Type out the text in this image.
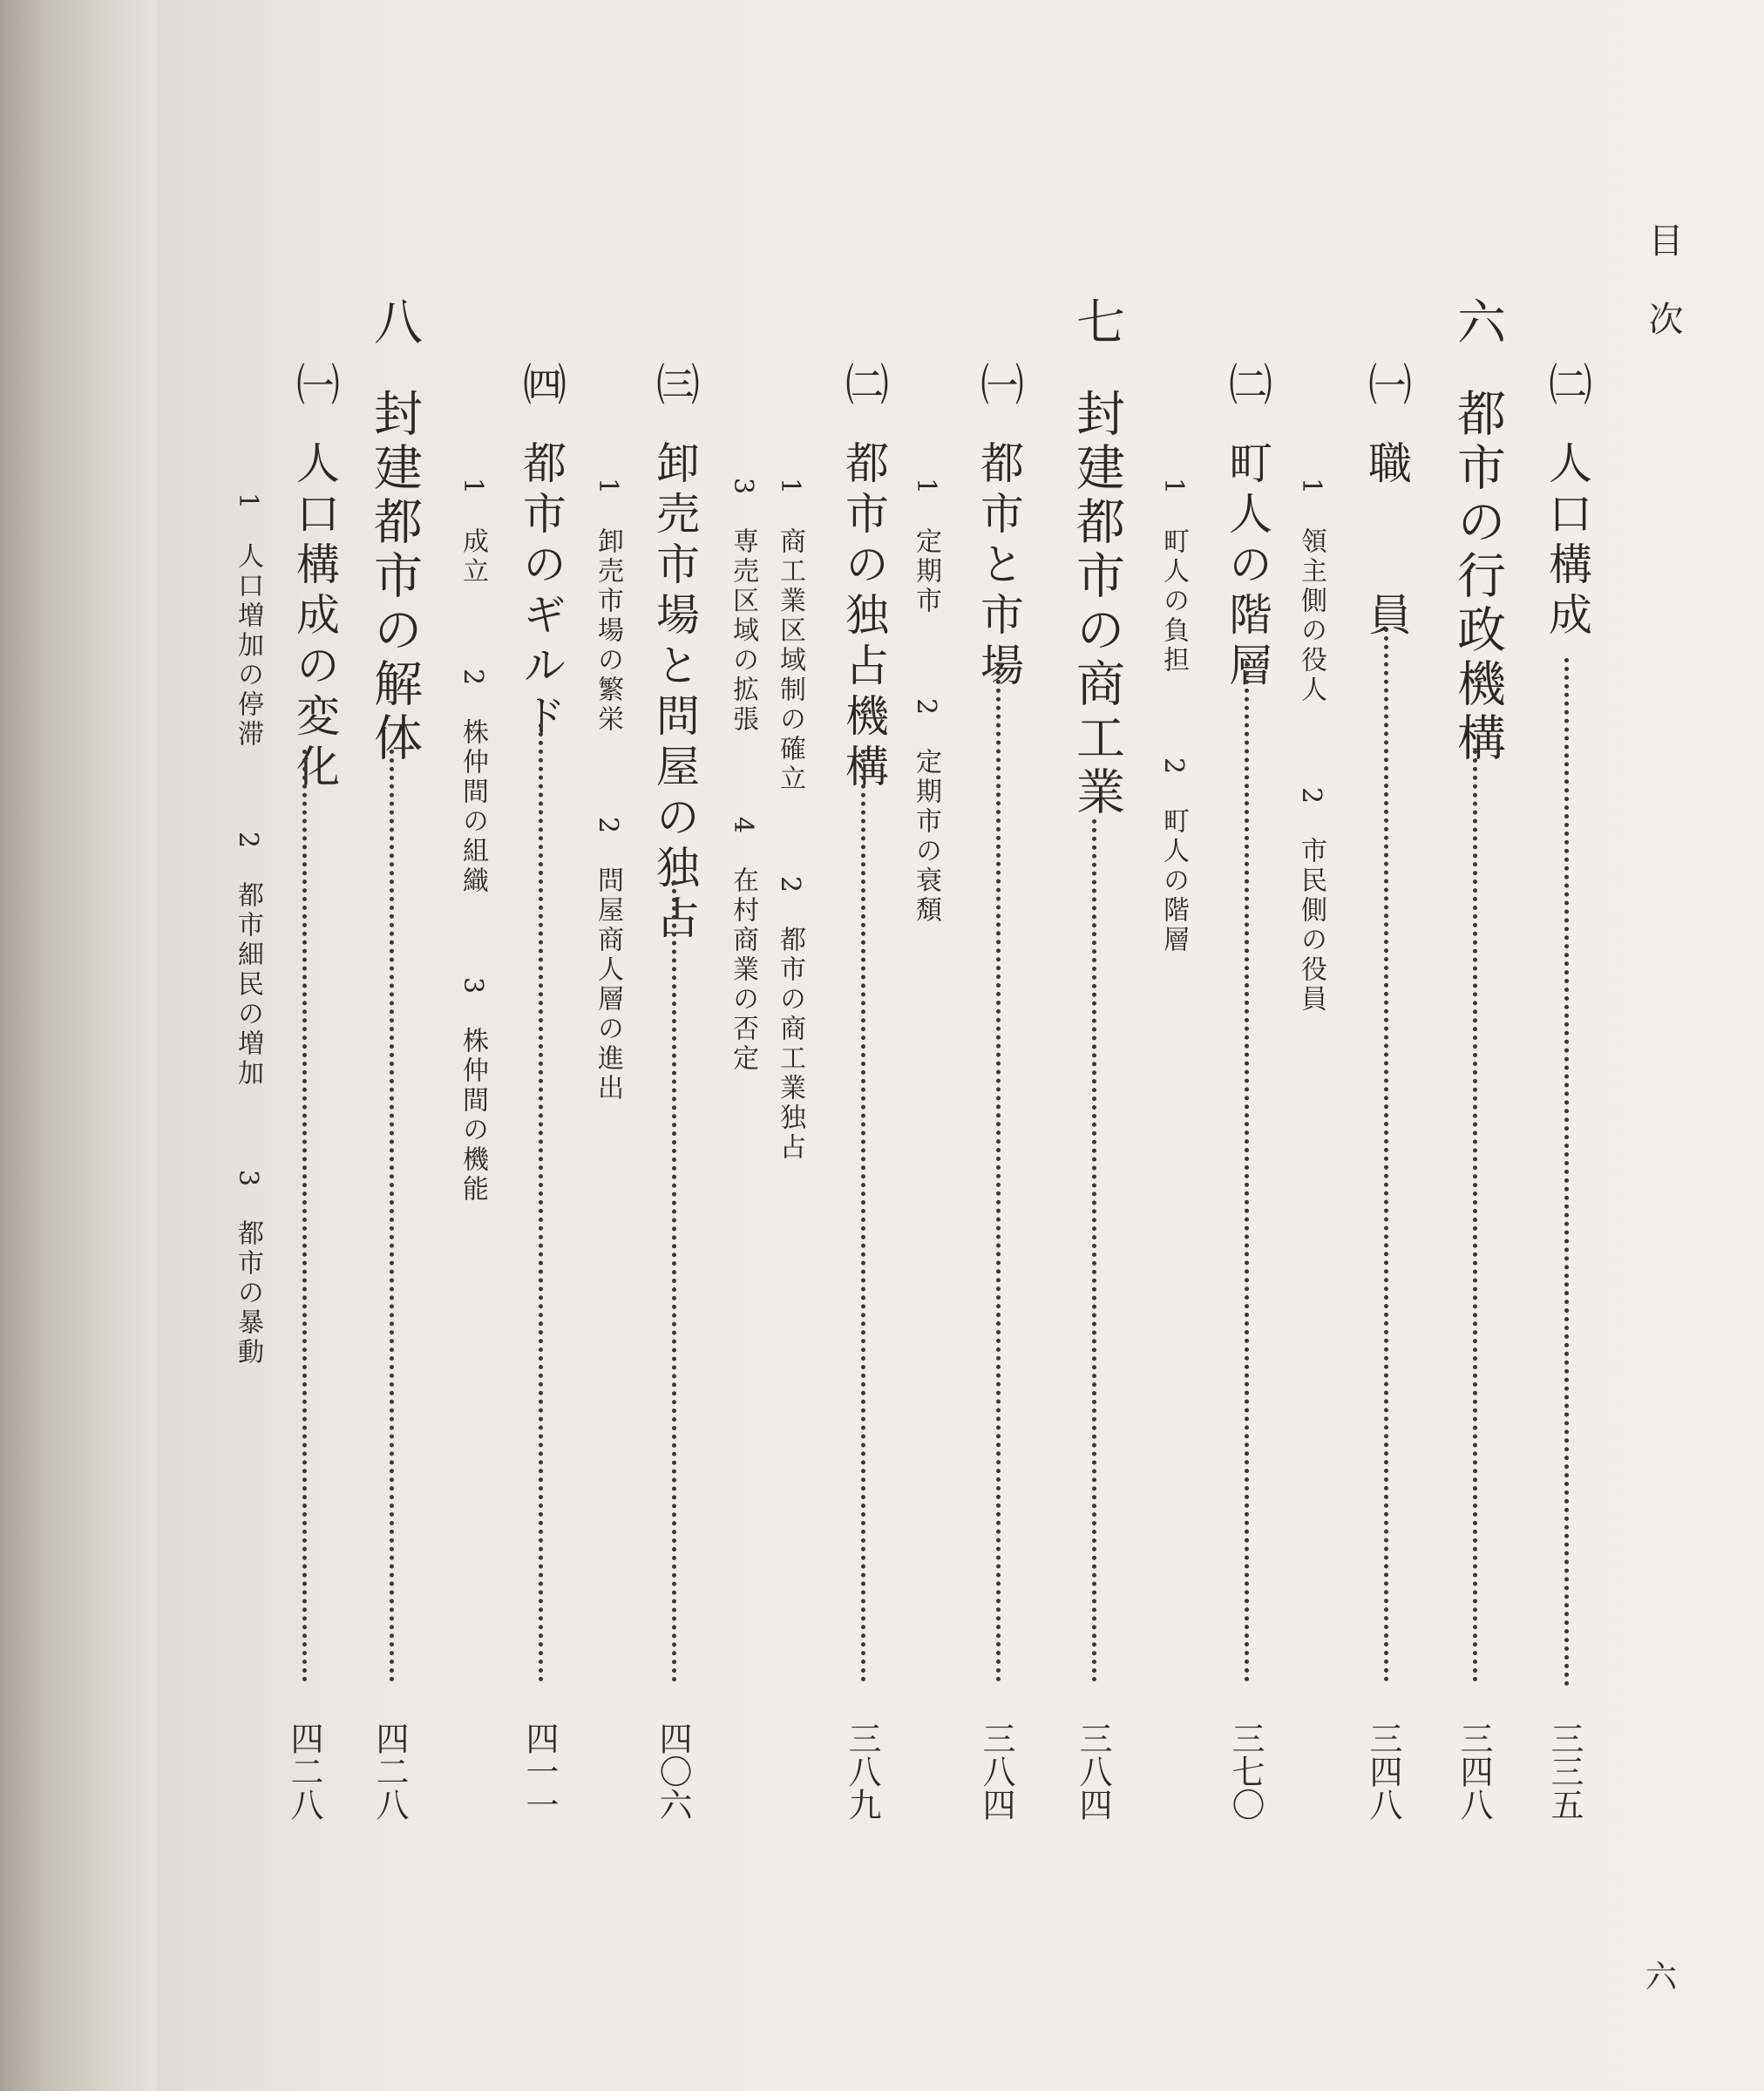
目次
㈡
人口構成
三三五
六
都市の行政機構
三四八
㈠
職　　員
三四八
1　領主側の役人 2　市民側の役員
㈡
町人の階層
三七〇
1　町人の負担 2　町人の階層
七
封建都市の商工業
三八四
㈠
都市と市場
三八四
1　定期市 2　定期市の衰頽
㈡
都市の独占機構
三八九
1　商工業区域制の確立 2　都市の商工業独占
3　専売区域の拡張 4　在村商業の否定
㈢
卸売市場と問屋の独占
四〇六
1　卸売市場の繁栄 2　問屋商人層の進出
㈣
都市のギルド
四一一
1　成立 2　株仲間の組織 3　株仲間の機能
八
封建都市の解体
四二八
㈠
人口構成の変化
四二八
1　人口増加の停滞 2　都市細民の増加 3　都市の暴動
六
